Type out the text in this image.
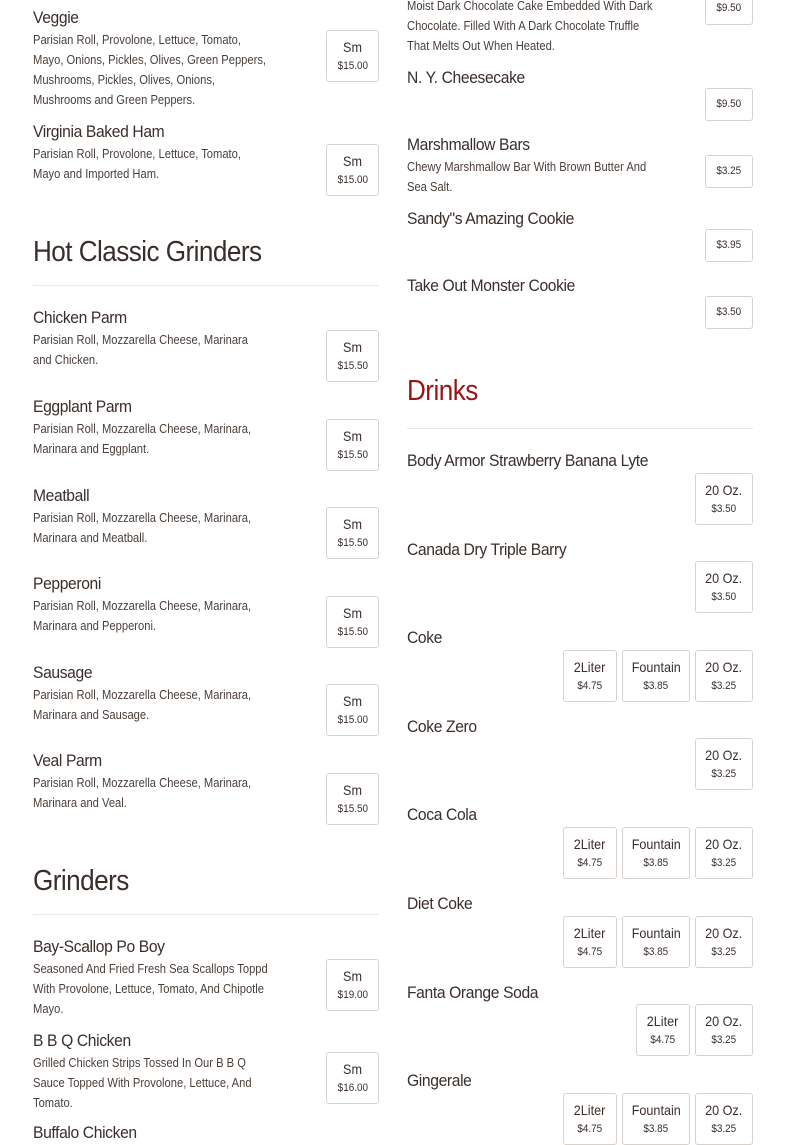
Veggie
Parisian Roll, Provolone, Lettuce, Tomato, Mayo, Onions, Pickles, Olives, Green Peppers, Mushrooms, Pickles, Olives, Onions, Mushrooms and Green Peppers.
Sm
$15.00
Virginia Baked Ham
Parisian Roll, Provolone, Lettuce, Tomato, Mayo and Imported Ham.
Sm
$15.00
Hot Classic Grinders
Chicken Parm
Parisian Roll, Mozzarella Cheese, Marinara and Chicken.
Sm
$15.50
Eggplant Parm
Parisian Roll, Mozzarella Cheese, Marinara, Marinara and Eggplant.
Sm
$15.50
Meatball
Parisian Roll, Mozzarella Cheese, Marinara, Marinara and Meatball.
Sm
$15.50
Pepperoni
Parisian Roll, Mozzarella Cheese, Marinara, Marinara and Pepperoni.
Sm
$15.50
Sausage
Parisian Roll, Mozzarella Cheese, Marinara, Marinara and Sausage.
Sm
$15.00
Veal Parm
Parisian Roll, Mozzarella Cheese, Marinara, Marinara and Veal.
Sm
$15.50
Grinders
Bay-Scallop Po Boy
Seasoned And Fried Fresh Sea Scallops Toppd With Provolone, Lettuce, Tomato, And Chipotle Mayo.
Sm
$19.00
B B Q Chicken
Grilled Chicken Strips Tossed In Our B B Q Sauce Topped With Provolone, Lettuce, And Tomato.
Sm
$16.00
Buffalo Chicken
Moist Dark Chocolate Cake Embedded With Dark Chocolate. Filled With A Dark Chocolate Truffle That Melts Out When Heated.
$9.50
N. Y. Cheesecake
$9.50
Marshmallow Bars
Chewy Marshmallow Bar With Brown Butter And Sea Salt.
$3.25
Sandy"s Amazing Cookie
$3.95
Take Out Monster Cookie
$3.50
Drinks
Body Armor Strawberry Banana Lyte
20 Oz.
$3.50
Canada Dry Triple Barry
20 Oz.
$3.50
Coke
2Liter
$4.75
Fountain
$3.85
20 Oz.
$3.25
Coke Zero
20 Oz.
$3.25
Coca Cola
2Liter
$4.75
Fountain
$3.85
20 Oz.
$3.25
Diet Coke
2Liter
$4.75
Fountain
$3.85
20 Oz.
$3.25
Fanta Orange Soda
2Liter
$4.75
20 Oz.
$3.25
Gingerale
2Liter
$4.75
Fountain
$3.85
20 Oz.
$3.25
